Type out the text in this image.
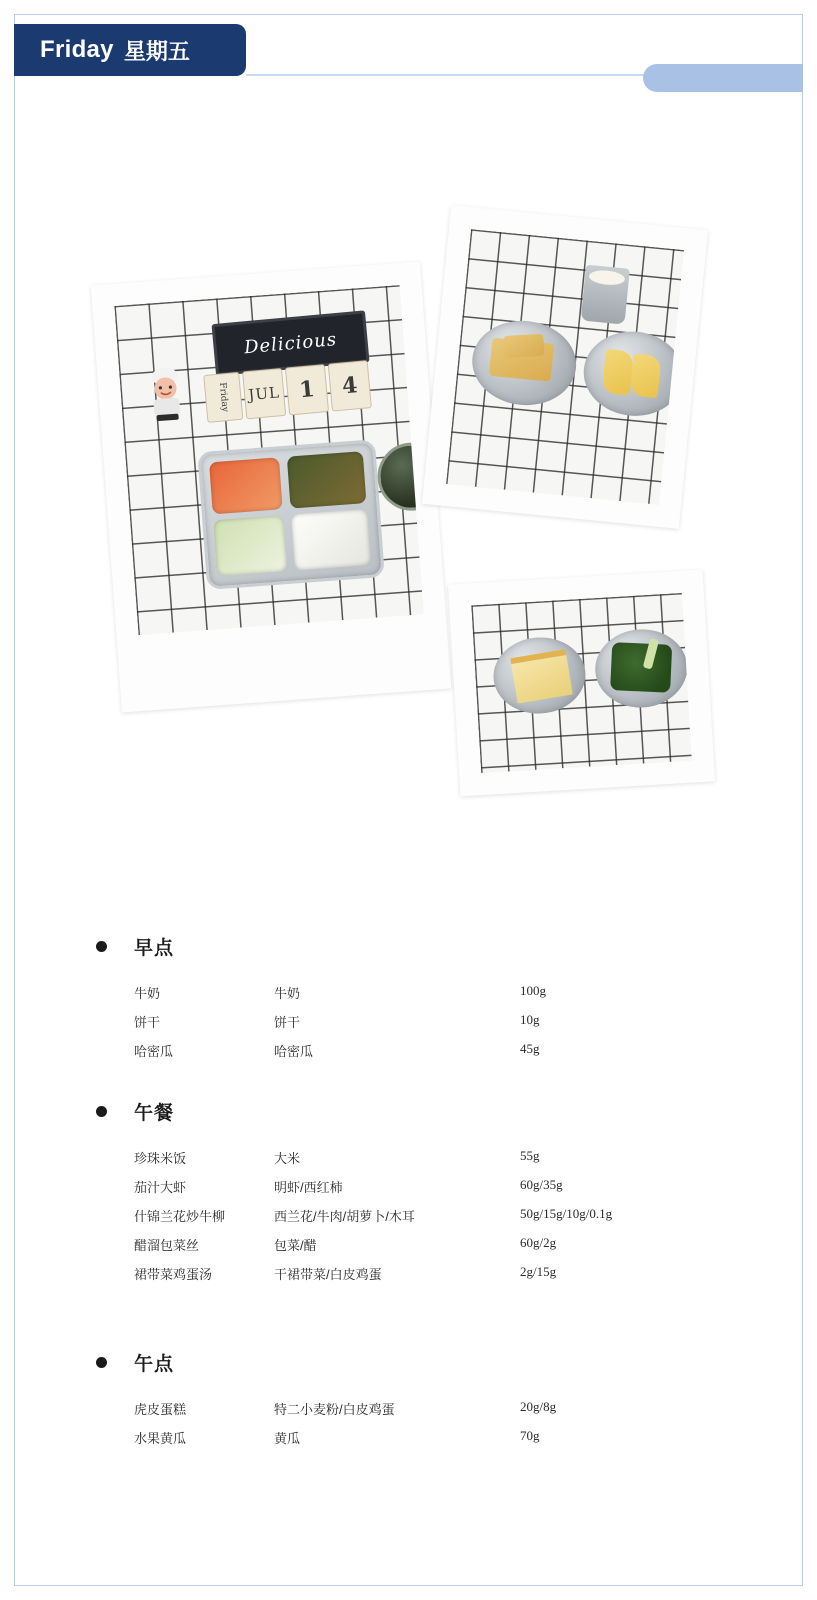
Friday 星期五
Delicious
Friday	JUL 1	4
早点
牛奶	牛奶	100g
饼干	饼干	10g
哈密瓜	哈密瓜	45g
午餐
珍珠米饭	大米	55g
茄汁大虾	明虾/西红柿	60g/35g
什锦兰花炒牛柳	西兰花/牛肉/胡萝卜/木耳	50g/15g/10g/0.1g
醋溜包菜丝	包菜/醋	60g/2g
裙带菜鸡蛋汤	干裙带菜/白皮鸡蛋	2g/15g
午点
虎皮蛋糕	特二小麦粉/白皮鸡蛋	20g/8g
水果黄瓜	黄瓜	70g
